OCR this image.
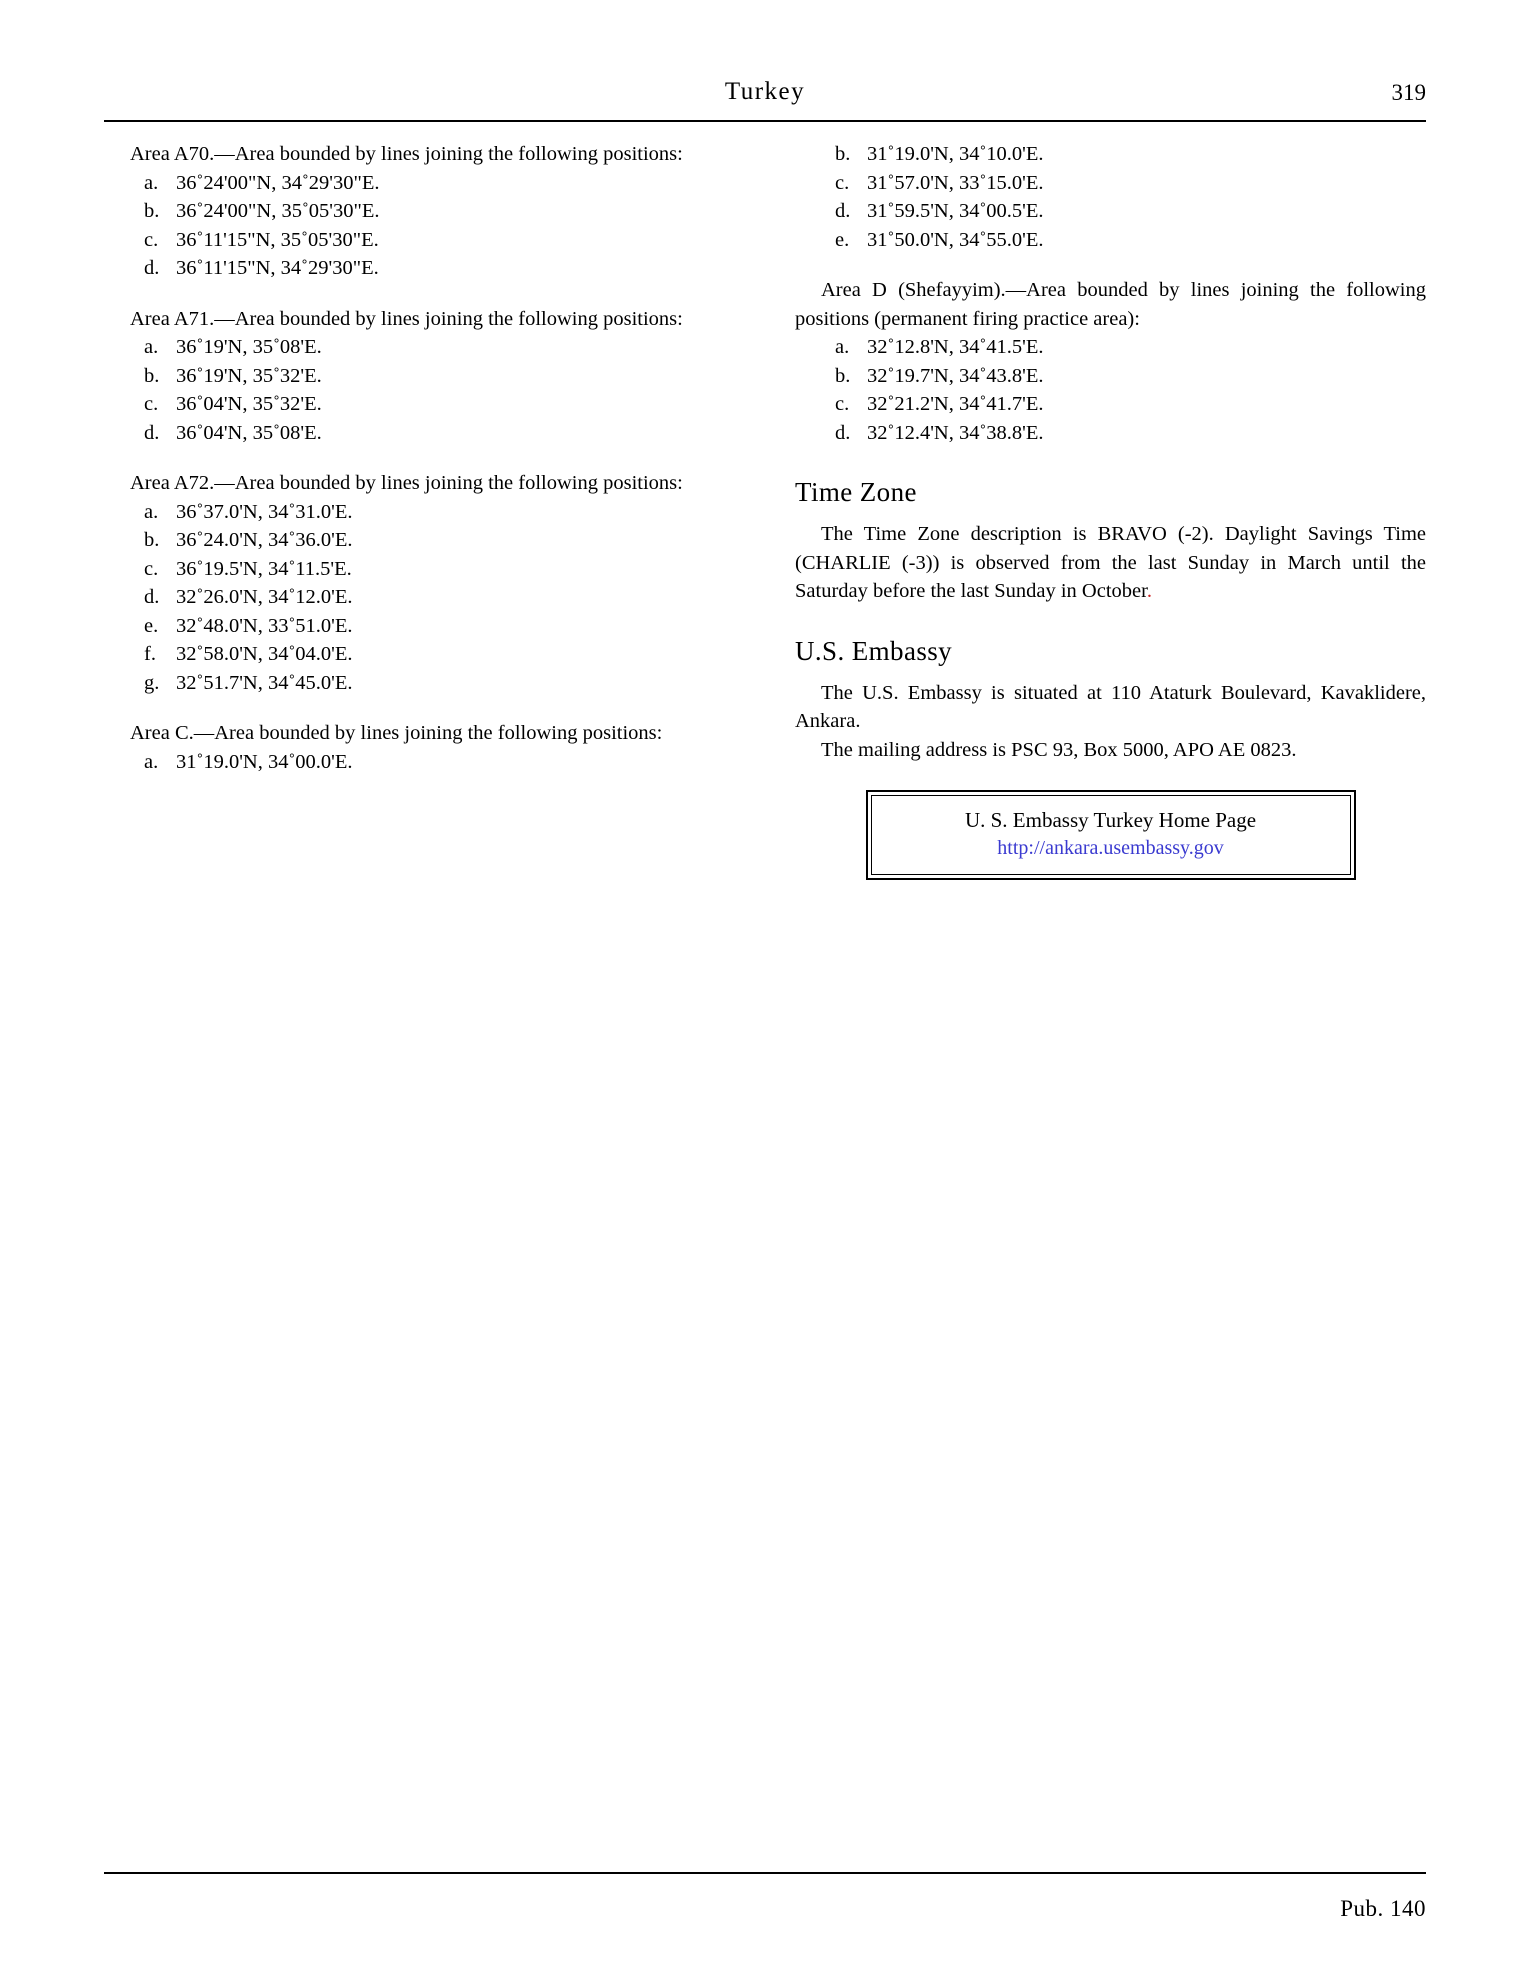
Turkey	319

Area A70.—Area bounded by lines joining the following positions:

a. 36˚24'00"N, 34˚29'30"E.
b. 36˚24'00"N, 35˚05'30"E.
c. 36˚11'15"N, 35˚05'30"E.
d. 36˚11'15"N, 34˚29'30"E.

Area A71.—Area bounded by lines joining the following positions:

a. 36˚19'N, 35˚08'E.
b. 36˚19'N, 35˚32'E.
c. 36˚04'N, 35˚32'E.
d. 36˚04'N, 35˚08'E.

Area A72.—Area bounded by lines joining the following positions:

a. 36˚37.0'N, 34˚31.0'E.
b. 36˚24.0'N, 34˚36.0'E.
c. 36˚19.5'N, 34˚11.5'E.
d. 32˚26.0'N, 34˚12.0'E.
e. 32˚48.0'N, 33˚51.0'E.
f. 32˚58.0'N, 34˚04.0'E.
g. 32˚51.7'N, 34˚45.0'E.

Area C.—Area bounded by lines joining the following positions:

a. 31˚19.0'N, 34˚00.0'E.
b. 31˚19.0'N, 34˚10.0'E.
c. 31˚57.0'N, 33˚15.0'E.
d. 31˚59.5'N, 34˚00.5'E.
e. 31˚50.0'N, 34˚55.0'E.

Area D (Shefayyim).—Area bounded by lines joining the following positions (permanent firing practice area):

a. 32˚12.8'N, 34˚41.5'E.
b. 32˚19.7'N, 34˚43.8'E.
c. 32˚21.2'N, 34˚41.7'E.
d. 32˚12.4'N, 34˚38.8'E.
Time Zone

The Time Zone description is BRAVO (-2). Daylight Savings Time (CHARLIE (-3)) is observed from the last Sunday in March until the Saturday before the last Sunday in October.

U.S. Embassy

The U.S. Embassy is situated at 110 Ataturk Boulevard, Kavaklidere, Ankara.

The mailing address is PSC 93, Box 5000, APO AE 0823.

U. S. Embassy Turkey Home Page
http://ankara.usembassy.gov
Pub. 140
